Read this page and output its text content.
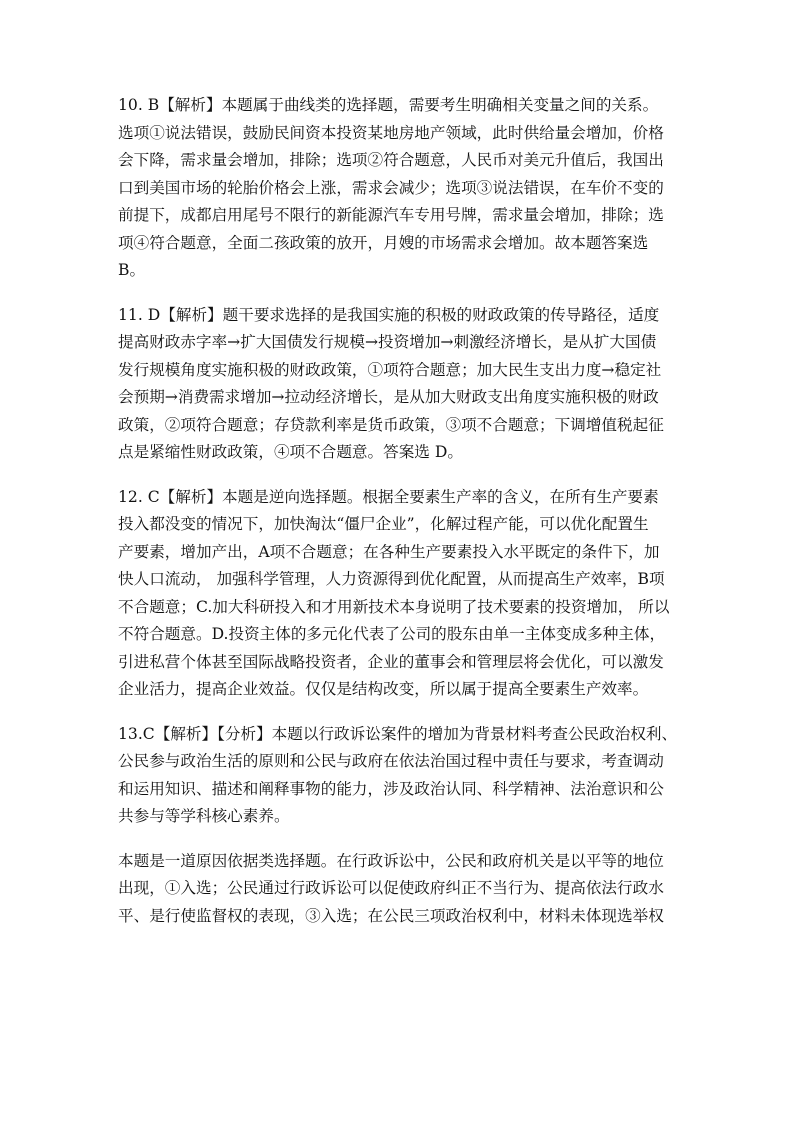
10. B【解析】本题属于曲线类的选择题，需要考生明确相关变量之间的关系。
选项①说法错误，鼓励民间资本投资某地房地产领域，此时供给量会增加，价格
会下降，需求量会增加，排除；选项②符合题意，人民币对美元升值后，我国出
口到美国市场的轮胎价格会上涨，需求会减少；选项③说法错误，在车价不变的
前提下，成都启用尾号不限行的新能源汽车专用号牌，需求量会增加，排除；选
项④符合题意，全面二孩政策的放开，月嫂的市场需求会增加。故本题答案选
B。
11. D【解析】题干要求选择的是我国实施的积极的财政政策的传导路径，适度
提高财政赤字率→扩大国债发行规模→投资增加→刺激经济增长，是从扩大国债
发行规模角度实施积极的财政政策，①项符合题意；加大民生支出力度→稳定社
会预期→消费需求增加→拉动经济增长，是从加大财政支出角度实施积极的财政
政策，②项符合题意；存贷款利率是货币政策，③项不合题意；下调增值税起征
点是紧缩性财政政策，④项不合题意。答案选 D。
12. C【解析】本题是逆向选择题。根据全要素生产率的含义，在所有生产要素
投入都没变的情况下，加快淘汰“僵尸企业”，化解过程产能，可以优化配置生
产要素，增加产出，A项不合题意；在各种生产要素投入水平既定的条件下，加
快人口流动， 加强科学管理，人力资源得到优化配置，从而提高生产效率，B项
不合题意；C.加大科研投入和才用新技术本身说明了技术要素的投资增加， 所以
不符合题意。D.投资主体的多元化代表了公司的股东由单一主体变成多种主体，
引进私营个体甚至国际战略投资者，企业的董事会和管理层将会优化，可以激发
企业活力，提高企业效益。仅仅是结构改变，所以属于提高全要素生产效率。
13.C【解析】【分析】本题以行政诉讼案件的增加为背景材料考查公民政治权利、
公民参与政治生活的原则和公民与政府在依法治国过程中责任与要求，考查调动
和运用知识、描述和阐释事物的能力，涉及政治认同、科学精神、法治意识和公
共参与等学科核心素养。
本题是一道原因依据类选择题。在行政诉讼中，公民和政府机关是以平等的地位
出现，①入选；公民通过行政诉讼可以促使政府纠正不当行为、提高依法行政水
平、是行使监督权的表现，③入选；在公民三项政治权利中，材料未体现选举权
